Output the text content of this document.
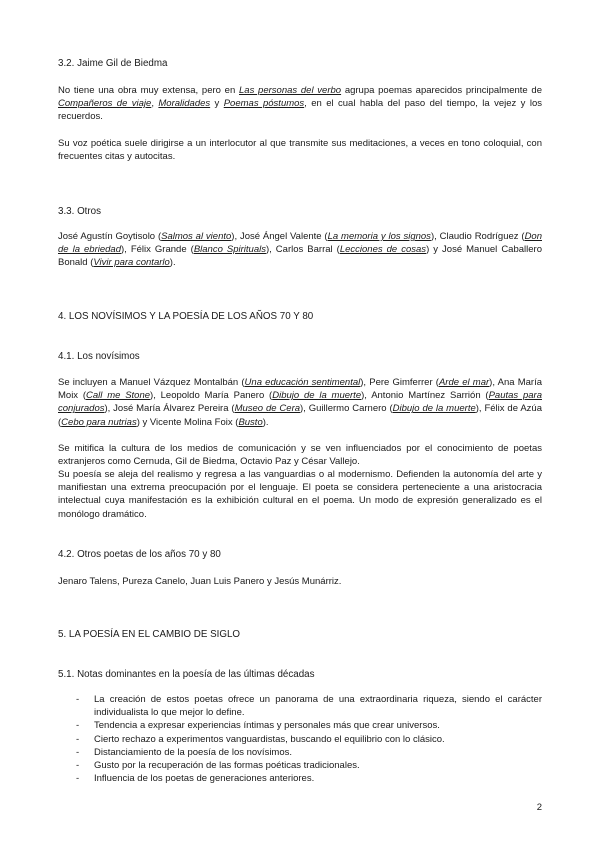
3.2. Jaime Gil de Biedma
No tiene una obra muy extensa, pero en Las personas del verbo agrupa poemas aparecidos principalmente de Compañeros de viaje, Moralidades y Poemas póstumos, en el cual habla del paso del tiempo, la vejez y los recuerdos.
Su voz poética suele dirigirse a un interlocutor al que transmite sus meditaciones, a veces en tono coloquial, con frecuentes citas y autocitas.
3.3. Otros
José Agustín Goytisolo (Salmos al viento), José Ángel Valente (La memoria y los signos), Claudio Rodríguez (Don de la ebriedad), Félix Grande (Blanco Spirituals), Carlos Barral (Lecciones de cosas) y José Manuel Caballero Bonald (Vivir para contarlo).
4. LOS NOVÍSIMOS Y LA POESÍA DE LOS AÑOS 70 Y 80
4.1. Los novísimos
Se incluyen a Manuel Vázquez Montalbán (Una educación sentimental), Pere Gimferrer (Arde el mar), Ana María Moix (Call me Stone), Leopoldo María Panero (Dibujo de la muerte), Antonio Martínez Sarrión (Pautas para conjurados), José María Álvarez Pereira (Museo de Cera), Guillermo Carnero (Dibujo de la muerte), Félix de Azúa (Cebo para nutrias) y Vicente Molina Foix (Busto).
Se mitifica la cultura de los medios de comunicación y se ven influenciados por el conocimiento de poetas extranjeros como Cernuda, Gil de Biedma, Octavio Paz y César Vallejo.
Su poesía se aleja del realismo y regresa a las vanguardias o al modernismo. Defienden la autonomía del arte y manifiestan una extrema preocupación por el lenguaje. El poeta se considera perteneciente a una aristocracia intelectual cuya manifestación es la exhibición cultural en el poema. Un modo de expresión generalizado es el monólogo dramático.
4.2. Otros poetas de los años 70 y 80
Jenaro Talens, Pureza Canelo, Juan Luis Panero y Jesús Munárriz.
5. LA POESÍA EN EL CAMBIO DE SIGLO
5.1. Notas dominantes en la poesía de las últimas décadas
- La creación de estos poetas ofrece un panorama de una extraordinaria riqueza, siendo el carácter individualista lo que mejor lo define.
- Tendencia a expresar experiencias íntimas y personales más que crear universos.
- Cierto rechazo a experimentos vanguardistas, buscando el equilibrio con lo clásico.
- Distanciamiento de la poesía de los novísimos.
- Gusto por la recuperación de las formas poéticas tradicionales.
- Influencia de los poetas de generaciones anteriores.
2
